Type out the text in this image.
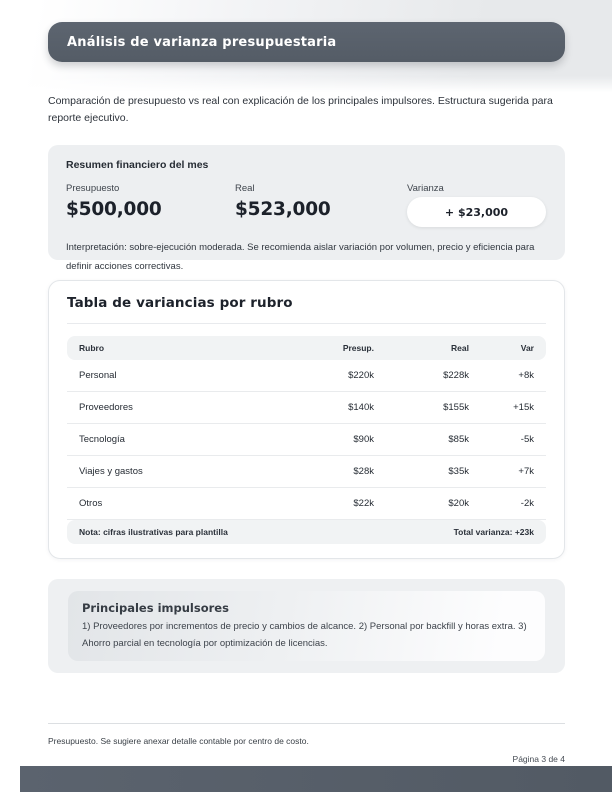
Análisis de varianza presupuestaria

Comparación de presupuesto vs real con explicación de los principales impulsores. Estructura sugerida para reporte ejecutivo.

Resumen financiero del mes
Presupuesto
$500,000
Real
$523,000
Varianza
+ $23,000

Interpretación: sobre-ejecución moderada. Se recomienda aislar variación por volumen, precio y eficiencia para definir acciones correctivas.

Tabla de variancias por rubro
Rubro	Presup.	Real	Var
Personal	$220k	$228k	+8k
Proveedores	$140k	$155k	+15k
Tecnología	$90k	$85k	-5k
Viajes y gastos	$28k	$35k	+7k
Otros	$22k	$20k	-2k
Nota: cifras ilustrativas para plantilla	Total varianza: +23k
Principales impulsores

1) Proveedores por incrementos de precio y cambios de alcance. 2) Personal por backfill y horas extra. 3) Ahorro parcial en tecnología por optimización de licencias.

Presupuesto. Se sugiere anexar detalle contable por centro de costo.

Página 3 de 4
